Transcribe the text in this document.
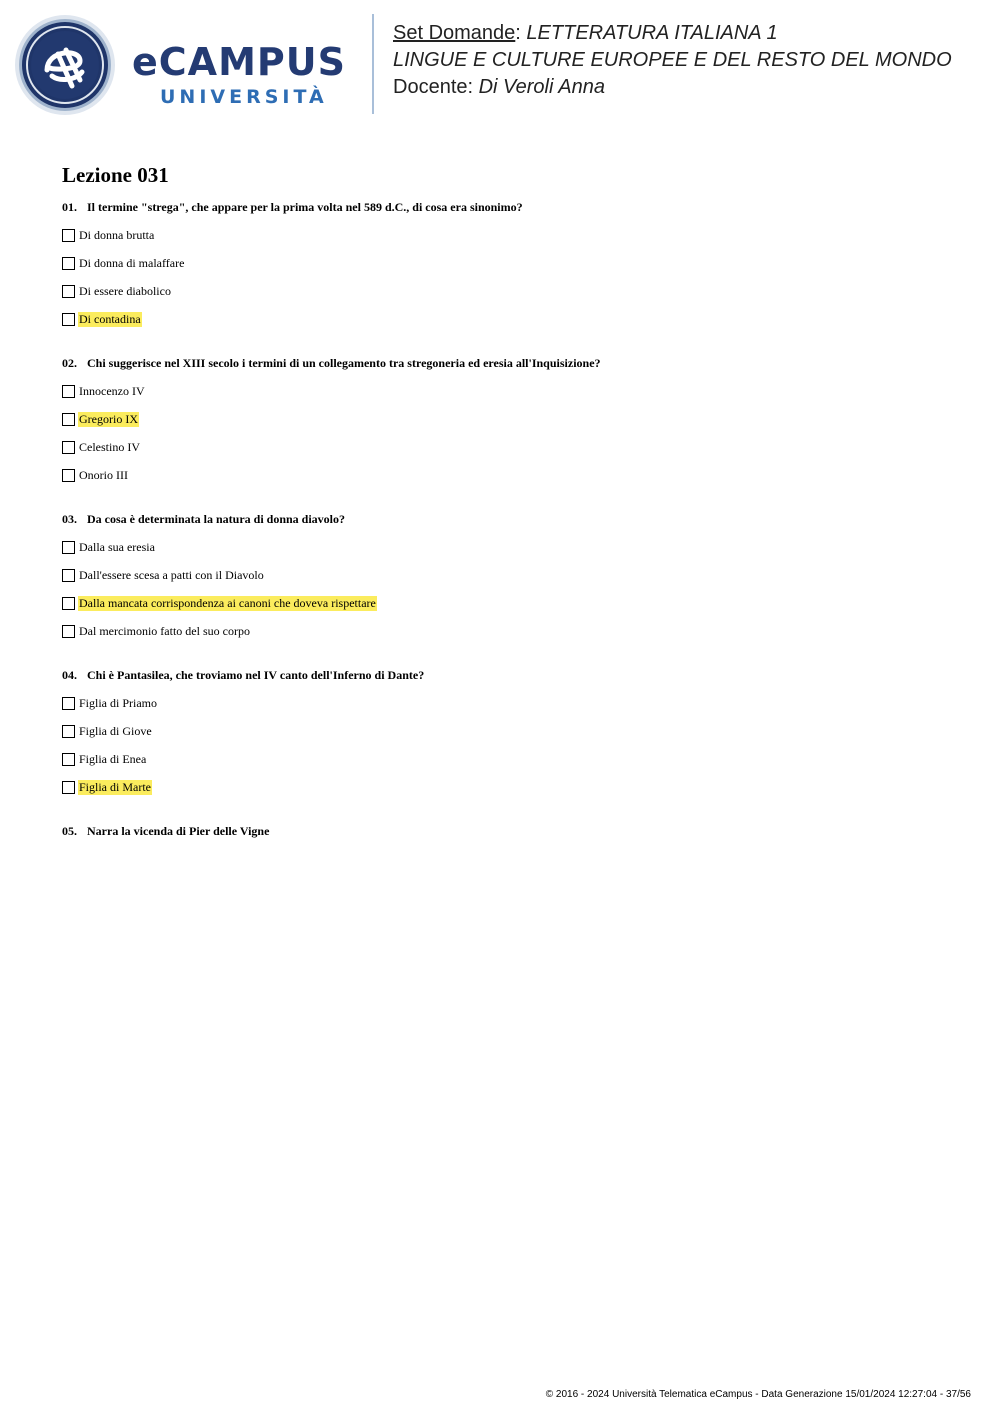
eCAMPUS
UNIVERSITÀ
Set Domande: LETTERATURA ITALIANA 1
LINGUE E CULTURE EUROPEE E DEL RESTO DEL MONDO
Docente: Di Veroli Anna
Lezione 031
01. Il termine "strega", che appare per la prima volta nel 589 d.C., di cosa era sinonimo?
Di donna brutta
Di donna di malaffare
Di essere diabolico
Di contadina
02. Chi suggerisce nel XIII secolo i termini di un collegamento tra stregoneria ed eresia all'Inquisizione?
Innocenzo IV
Gregorio IX
Celestino IV
Onorio III
03. Da cosa è determinata la natura di donna diavolo?
Dalla sua eresia
Dall'essere scesa a patti con il Diavolo
Dalla mancata corrispondenza ai canoni che doveva rispettare
Dal mercimonio fatto del suo corpo
04. Chi è Pantasilea, che troviamo nel IV canto dell'Inferno di Dante?
Figlia di Priamo
Figlia di Giove
Figlia di Enea
Figlia di Marte
05. Narra la vicenda di Pier delle Vigne
© 2016 - 2024 Università Telematica eCampus - Data Generazione 15/01/2024 12:27:04 - 37/56
